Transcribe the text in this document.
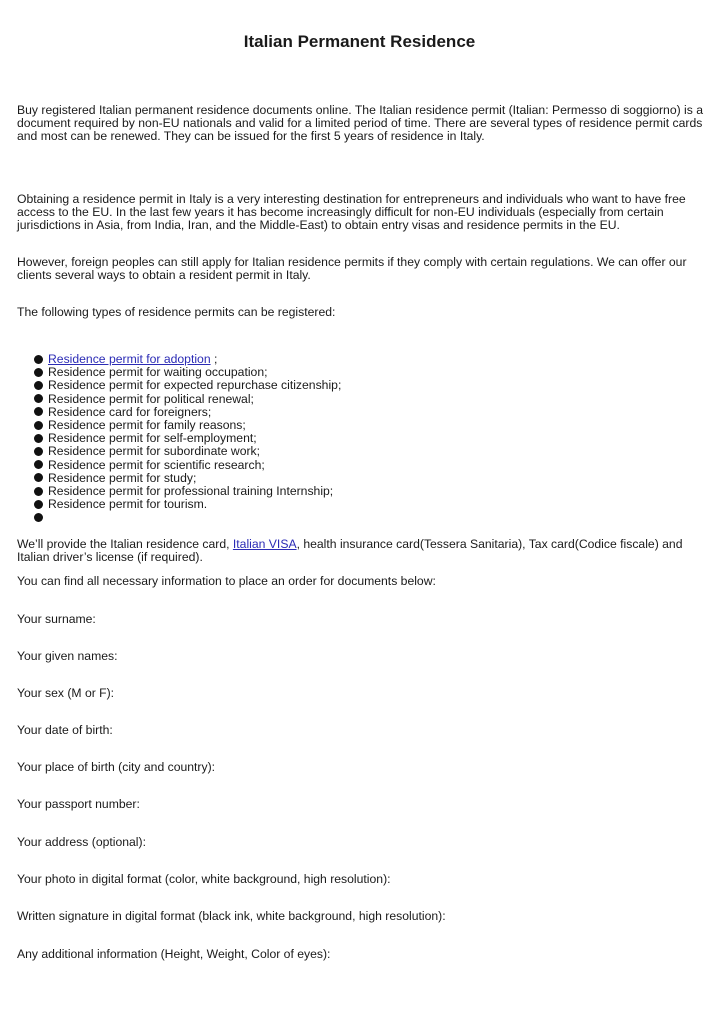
Italian Permanent Residence

Buy registered Italian permanent residence documents online. The Italian residence permit (Italian: Permesso di soggiorno) is a document required by non-EU nationals and valid for a limited period of time. There are several types of residence permit cards and most can be renewed. They can be issued for the first 5 years of residence in Italy.

Obtaining a residence permit in Italy is a very interesting destination for entrepreneurs and individuals who want to have free access to the EU. In the last few years it has become increasingly difficult for non-EU individuals (especially from certain jurisdictions in Asia, from India, Iran, and the Middle-East) to obtain entry visas and residence permits in the EU.

However, foreign peoples can still apply for Italian residence permits if they comply with certain regulations. We can offer our clients several ways to obtain a resident permit in Italy.

The following types of residence permits can be registered:

Residence permit for adoption ;
Residence permit for waiting occupation;
Residence permit for expected repurchase citizenship;
Residence permit for political renewal;
Residence card for foreigners;
Residence permit for family reasons;
Residence permit for self-employment;
Residence permit for subordinate work;
Residence permit for scientific research;
Residence permit for study;
Residence permit for professional training Internship;
Residence permit for tourism.

We’ll provide the Italian residence card, Italian VISA, health insurance card(Tessera Sanitaria), Tax card(Codice fiscale) and Italian driver’s license (if required).

You can find all necessary information to place an order for documents below:

Your surname:

Your given names:

Your sex (M or F):

Your date of birth:

Your place of birth (city and country):

Your passport number:

Your address (optional):

Your photo in digital format (color, white background, high resolution):

Written signature in digital format (black ink, white background, high resolution):

Any additional information (Height, Weight, Color of eyes):
